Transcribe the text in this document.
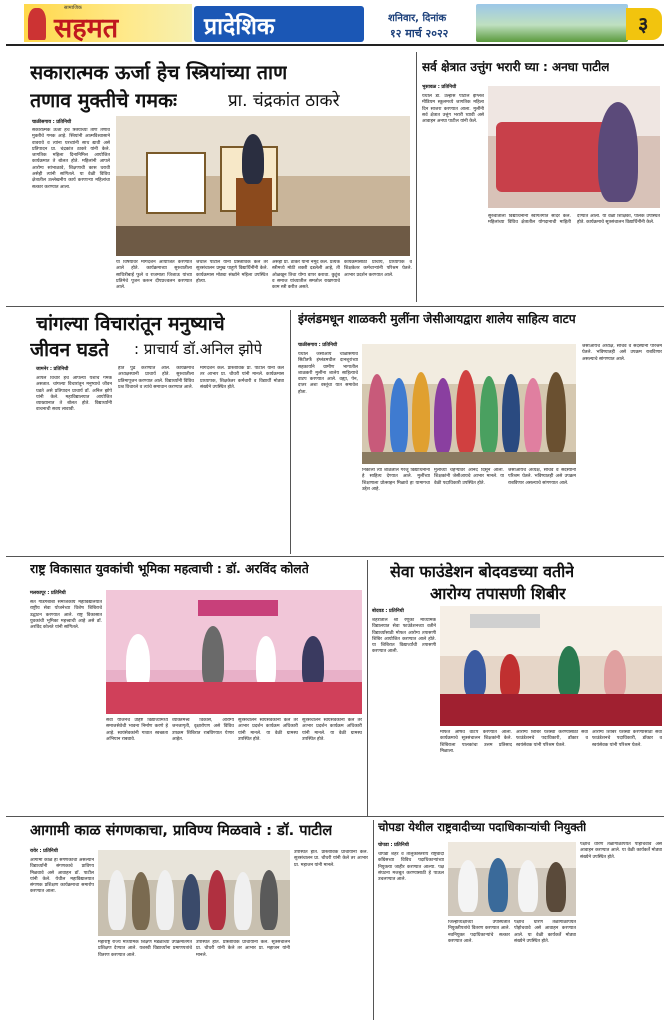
सामाजिक
सहमत	प्रादेशिक	शनिवार, दिनांक
१२ मार्च २०२२	३
सकारात्मक ऊर्जा हेच स्त्रियांच्या ताण
तणाव मुक्तीचे गमकः	प्रा. चंद्रकांत ठाकरे
चाळीसगाव : प्रतिनिधी
सकारात्मक ऊर्जा हेच स्त्रियांच्या ताण तणाव मुक्तीचे गमक आहे. स्त्रियांनी आत्मविश्वासाने वावरावे व त्यांना घरच्यांनी साथ द्यावी असे प्रतिपादन प्रा. चंद्रकांत ठाकरे यांनी केले. जागतिक महिला दिनानिमित्त आयोजित कार्यक्रमात ते बोलत होते. महिलांनी आपले आरोग्य सांभाळावे, शिक्षणाची कास धरावी असेही त्यांनी सांगितले. या वेळी विविध क्षेत्रातील उल्लेखनीय कार्य करणाऱ्या महिलांचा सत्कार करण्यात आला.
या विषयावर मार्गदर्शन आयोजित करण्यात आले होते. कार्यक्रमाच्या सुरुवातीला सावित्रीबाई फुले व राजमाता जिजाऊ यांच्या प्रतिमेचे पूजन करून दीपप्रज्वलन करण्यात आले.
जेथील पाटील यांनी प्रास्ताविक केले तर सूत्रसंचालन प्रमुख पाहुणे विद्यार्थिनींनी केले. कार्यक्रमास मोठ्या संख्येने महिला उपस्थित होत्या.
असेही प्रा. ठाकरे यांनी नमूद केले. प्रत्येक स्त्रीमध्ये मोठी शक्ती दडलेली आहे, ती ओळखून तिचा योग्य वापर करावा. कुटुंब व समाज यांच्यातील समतोल राखण्याचे काम स्त्री करीत असते.
कार्यक्रमासाठी प्राचार्य, प्राध्यापक व शिक्षकेतर कर्मचाऱ्यांनी परिश्रम घेतले. आभार प्रदर्शन करण्यात आले.
सर्व क्षेत्रात उत्तुंग भरारी घ्या : अनघा पाटील
भुसावळ : प्रतिनिधी
येथील डॉ. उल्हास पाटील इंग्लिश मीडियम स्कूलमध्ये जागतिक महिला दिन साजरा करण्यात आला. मुलींनी सर्व क्षेत्रात उत्तुंग भरारी घ्यावी असे आवाहन अनघा पाटील यांनी केले.
सुरुवातीला विद्यार्थिनींनी स्वागतगीत सादर केले. महिलांच्या विविध क्षेत्रातील योगदानाची माहिती देण्यात आली. या वेळी शिक्षिका, पालक उपस्थित होते. कार्यक्रमाचे सूत्रसंचालन विद्यार्थिनींनी केले.
चांगल्या विचारांतून मनुष्याचे
जीवन घडते : प्राचार्य डॉ.अनिल झोपे
जामनेर : प्रतिनिधी
आपले विचार हेच आपल्या यशाचे गमक असतात. चांगल्या विचारांतून मनुष्याचे जीवन घडते असे प्रतिपादन प्राचार्य डॉ. अनिल झोपे यांनी केले. महाविद्यालयात आयोजित व्याख्यानात ते बोलत होते. विद्यार्थ्यांनी वाचनाची सवय लावावी.
हाते पुढे करण्यात आले. कार्यक्रमाचे अध्यक्षस्थानी प्राचार्य होते. सुरुवातीला प्रतिमापूजन करण्यात आले. विद्यार्थ्यांनी विविध प्रश्न विचारले व त्यांचे समाधान करण्यात आले.
मार्गदर्शन केले. प्रास्ताविक प्रा. पाटील यांनी केले तर आभार प्रा. चौधरी यांनी मानले. कार्यक्रमास प्राध्यापक, शिक्षकेतर कर्मचारी व विद्यार्थी मोठ्या संख्येने उपस्थित होते.
इंग्लंडमधून शाळकरी मुलींना जेसीआयद्वारा शालेय साहित्य वाटप
चाळीसगाव : प्रतिनिधी
येथील जेसीआय चाळीसगाव सिटीतर्फे इंग्लंडमधील दानशूरांच्या सहकार्याने ग्रामीण भागातील शाळकरी मुलींना शालेय साहित्याचे वाटप करण्यात आले. वह्या, पेन, दप्तर अशा वस्तूंचा यात समावेश होता.
निकाली त्या शाळेतील गरजू विद्यार्थिनींना हे साहित्य देण्यात आले. मुलींच्या शिक्षणाला प्रोत्साहन मिळावे हा यामागचा उद्देश आहे.
मुलींच्या चेहऱ्यावर आनंद दिसून आला. शिक्षकांनी जेसीआयचे आभार मानले. या वेळी पदाधिकारी उपस्थित होते.
जेसीआयचे अध्यक्ष, सचिव व सदस्यांनी परिश्रम घेतले. भविष्यातही असे उपक्रम राबविणार असल्याचे सांगण्यात आले.
जेसीआयचे अध्यक्ष, सचिव व सदस्यांनी परिश्रम घेतले. भविष्यातही असे उपक्रम राबविणार असल्याचे सांगण्यात आले.
राष्ट्र विकासात युवकांची भूमिका महत्वाची : डॉ. अरविंद कोलते
मलकापूर : प्रतिनिधी
संत गाडगेबाबा समाजकार्य महाविद्यालयात राष्ट्रीय सेवा योजनेच्या विशेष शिबिराचे उद्घाटन करण्यात आले. राष्ट्र विकासात युवकांची भूमिका महत्त्वाची आहे असे डॉ. अरविंद कोलते यांनी सांगितले.
सेवा योजनेचे उद्दिष्ट विद्यार्थ्यांमध्ये समाजसेवेची भावना निर्माण करणे हे आहे. स्वयंसेवकांनी गावात स्वच्छता अभियान राबवावे.
व्यक्तिमत्त्व विकास, आरोग्य जनजागृती, वृक्षारोपण असे विविध उपक्रम शिबिरात राबविण्यात येणार आहेत.
सूत्रसंचालन स्वयंसेवकांनी केले तर आभार प्रदर्शन कार्यक्रम अधिकारी यांनी मानले. या वेळी ग्रामस्थ उपस्थित होते.
सूत्रसंचालन स्वयंसेवकांनी केले तर आभार प्रदर्शन कार्यक्रम अधिकारी यांनी मानले. या वेळी ग्रामस्थ उपस्थित होते.
सेवा फाउंडेशन बोदवडच्या वतीने
आरोग्य तपासणी शिबीर
बोदवड : प्रतिनिधी
शहरातील श्री रेणुका माध्यमिक विद्यालयात सेवा फाउंडेशनच्या वतीने विद्यार्थ्यांसाठी मोफत आरोग्य तपासणी शिबिर आयोजित करण्यात आले होते. या शिबिरात विद्यार्थ्यांची तपासणी करण्यात आली.
मोफत औषधे वाटप करण्यात आली. कार्यक्रमाचे सूत्रसंचालन शिक्षकांनी केले. शिबिराला पालकांचा उत्तम प्रतिसाद मिळाला.
आरोग्य शिबिर यशस्वी करण्यासाठी सेवा फाउंडेशनचे पदाधिकारी, डॉक्टर व स्वयंसेवक यांनी परिश्रम घेतले.
आरोग्य शिबिर यशस्वी करण्यासाठी सेवा फाउंडेशनचे पदाधिकारी, डॉक्टर व स्वयंसेवक यांनी परिश्रम घेतले.
आगामी काळ संगणकाचा, प्राविण्य मिळवावे : डॉ. पाटील
रावेर : प्रतिनिधी
आगामी काळ हा संगणकाचा असल्याने विद्यार्थ्यांनी संगणकाचे प्राविण्य मिळवावे असे आवाहन डॉ. पाटील यांनी केले. येथील महाविद्यालयात संगणक प्रशिक्षण कार्यक्रमाचा समारोप करण्यात आला.
महाराष्ट्र राज्य माध्यमिक शिक्षण मंडळाच्या उपक्रमांतर्गत प्रशिक्षण देण्यात आले. यशस्वी विद्यार्थ्यांना प्रमाणपत्रांचे वितरण करण्यात आले.
उपस्थित होते. प्रास्ताविक प्राचार्यांनी केले. सूत्रसंचालन प्रा. चौधरी यांनी केले तर आभार प्रा. महाजन यांनी मानले.
उपस्थित होते. प्रास्ताविक प्राचार्यांनी केले. सूत्रसंचालन प्रा. चौधरी यांनी केले तर आभार प्रा. महाजन यांनी मानले.
चोपडा येथील राष्ट्रवादीच्या पदाधिकाऱ्यांची नियुक्ती
चोपडा : प्रतिनिधी
चोपडा शहर व तालुकास्तरीय राष्ट्रवादी काँग्रेसच्या विविध पदाधिकाऱ्यांच्या नियुक्त्या जाहीर करण्यात आल्या. पक्ष संघटना मजबूत करण्यासाठी हे पाऊल उचलण्यात आले.
जिल्हाध्यक्षांच्या उपस्थितीत नियुक्तीपत्रांचे वितरण करण्यात आले. नवनियुक्त पदाधिकाऱ्यांचे सत्कार करण्यात आले.
पक्षाचे धोरण तळागाळापर्यंत पोहोचवावे असे आवाहन करण्यात आले. या वेळी कार्यकर्ते मोठ्या संख्येने उपस्थित होते.
पक्षाचे धोरण तळागाळापर्यंत पोहोचवावे असे आवाहन करण्यात आले. या वेळी कार्यकर्ते मोठ्या संख्येने उपस्थित होते.
